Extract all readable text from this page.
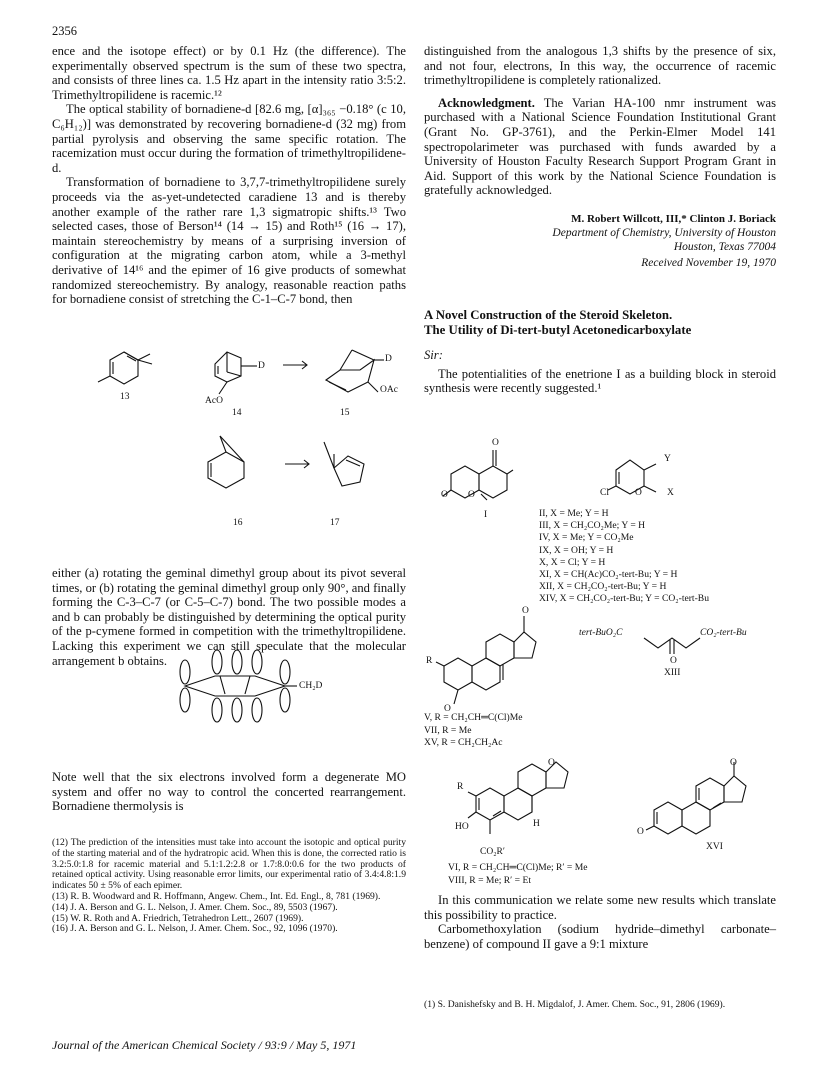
2356

ence and the isotope effect) or by 0.1 Hz (the difference). The experimentally observed spectrum is the sum of these two spectra, and consists of three lines ca. 1.5 Hz apart in the intensity ratio 3:5:2. Trimethyltropilidene is racemic.¹²

The optical stability of bornadiene-d [82.6 mg, [α]₃₆₅ −0.18° (c 10, C₆H₁₂)] was demonstrated by recovering bornadiene-d (32 mg) from partial pyrolysis and observing the same specific rotation. The racemization must occur during the formation of trimethyltropilidene-d.

Transformation of bornadiene to 3,7,7-trimethyltropilidene surely proceeds via the as-yet-undetected caradiene 13 and is thereby another example of the rather rare 1,3 sigmatropic shifts.¹³ Two selected cases, those of Berson¹⁴ (14 → 15) and Roth¹⁵ (16 → 17), maintain stereochemistry by means of a surprising inversion of configuration at the migrating carbon atom, while a 3-methyl derivative of 14¹⁶ and the epimer of 16 give products of somewhat randomized stereochemistry. By analogy, reasonable reaction paths for bornadiene consist of stretching the C-1–C-7 bond, then

13
D
AcO
14
D
OAc
15
16	17

either (a) rotating the geminal dimethyl group about its pivot several times, or (b) rotating the geminal dimethyl group only 90°, and finally forming the C-3–C-7 (or C-5–C-7) bond. The two possible modes a and b can probably be distinguished by determining the optical purity of the p-cymene formed in competition with the trimethyltropilidene. Lacking this experiment we can still speculate that the molecular arrangement b obtains.

CH₂D

Note well that the six electrons involved form a degenerate MO system and offer no way to control the concerted rearrangement. Bornadiene thermolysis is

(12) The prediction of the intensities must take into account the isotopic and optical purity of the starting material and of the hydratropic acid. When this is done, the corrected ratio is 3.2:5.0:1.8 for racemic material and 5.1:1.2:2.8 or 1.7:8.0:0.6 for the two products of retained optical activity. Using reasonable error limits, our experimental ratio of 3.4:4.8:1.9 indicates 50 ± 5% of each epimer.

(13) R. B. Woodward and R. Hoffmann, Angew. Chem., Int. Ed. Engl., 8, 781 (1969).

(14) J. A. Berson and G. L. Nelson, J. Amer. Chem. Soc., 89, 5503 (1967).

(15) W. R. Roth and A. Friedrich, Tetrahedron Lett., 2607 (1969).

(16) J. A. Berson and G. L. Nelson, J. Amer. Chem. Soc., 92, 1096 (1970).

Journal of the American Chemical Society / 93:9 / May 5, 1971

distinguished from the analogous 1,3 shifts by the presence of six, and not four, electrons, In this way, the occurrence of racemic trimethyltropilidene is completely rationalized.

Acknowledgment. The Varian HA-100 nmr instrument was purchased with a National Science Foundation Institutional Grant (Grant No. GP-3761), and the Perkin-Elmer Model 141 spectropolarimeter was purchased with funds awarded by a University of Houston Faculty Research Support Program Grant in Aid. Support of this work by the National Science Foundation is gratefully acknowledged.

M. Robert Willcott, III,* Clinton J. Boriack
Department of Chemistry, University of Houston
Houston, Texas 77004
Received November 19, 1970
A Novel Construction of the Steroid Skeleton.
The Utility of Di-tert-butyl Acetonedicarboxylate

Sir:

The potentialities of the enetrione I as a building block in steroid synthesis were recently suggested.¹

O
O O
I
Y
Cl	O	X
II, X = Me; Y = H
III, X = CH₂CO₂Me; Y = H
IV, X = Me; Y = CO₂Me
IX, X = OH; Y = H
X, X = Cl; Y = H
XI, X = CH(Ac)CO₂-tert-Bu; Y = H
XII, X = CH₂CO₂-tert-Bu; Y = H
XIV, X = CH₂CO₂-tert-Bu; Y = CO₂-tert-Bu
O
R
O
V, R = CH₂CH═C(Cl)Me
VII, R = Me
XV, R = CH₂CH₂Ac
tert-BuO₂C	CO₂-tert-Bu
O
XIII
O
R
HO	H
CO₂R′
VI, R = CH₂CH═C(Cl)Me; R′ = Me
VIII, R = Me; R′ = Et
O
O
XVI

In this communication we relate some new results which translate this possibility to practice.

Carbomethoxylation (sodium hydride–dimethyl carbonate–benzene) of compound II gave a 9:1 mixture

(1) S. Danishefsky and B. H. Migdalof, J. Amer. Chem. Soc., 91, 2806 (1969).
